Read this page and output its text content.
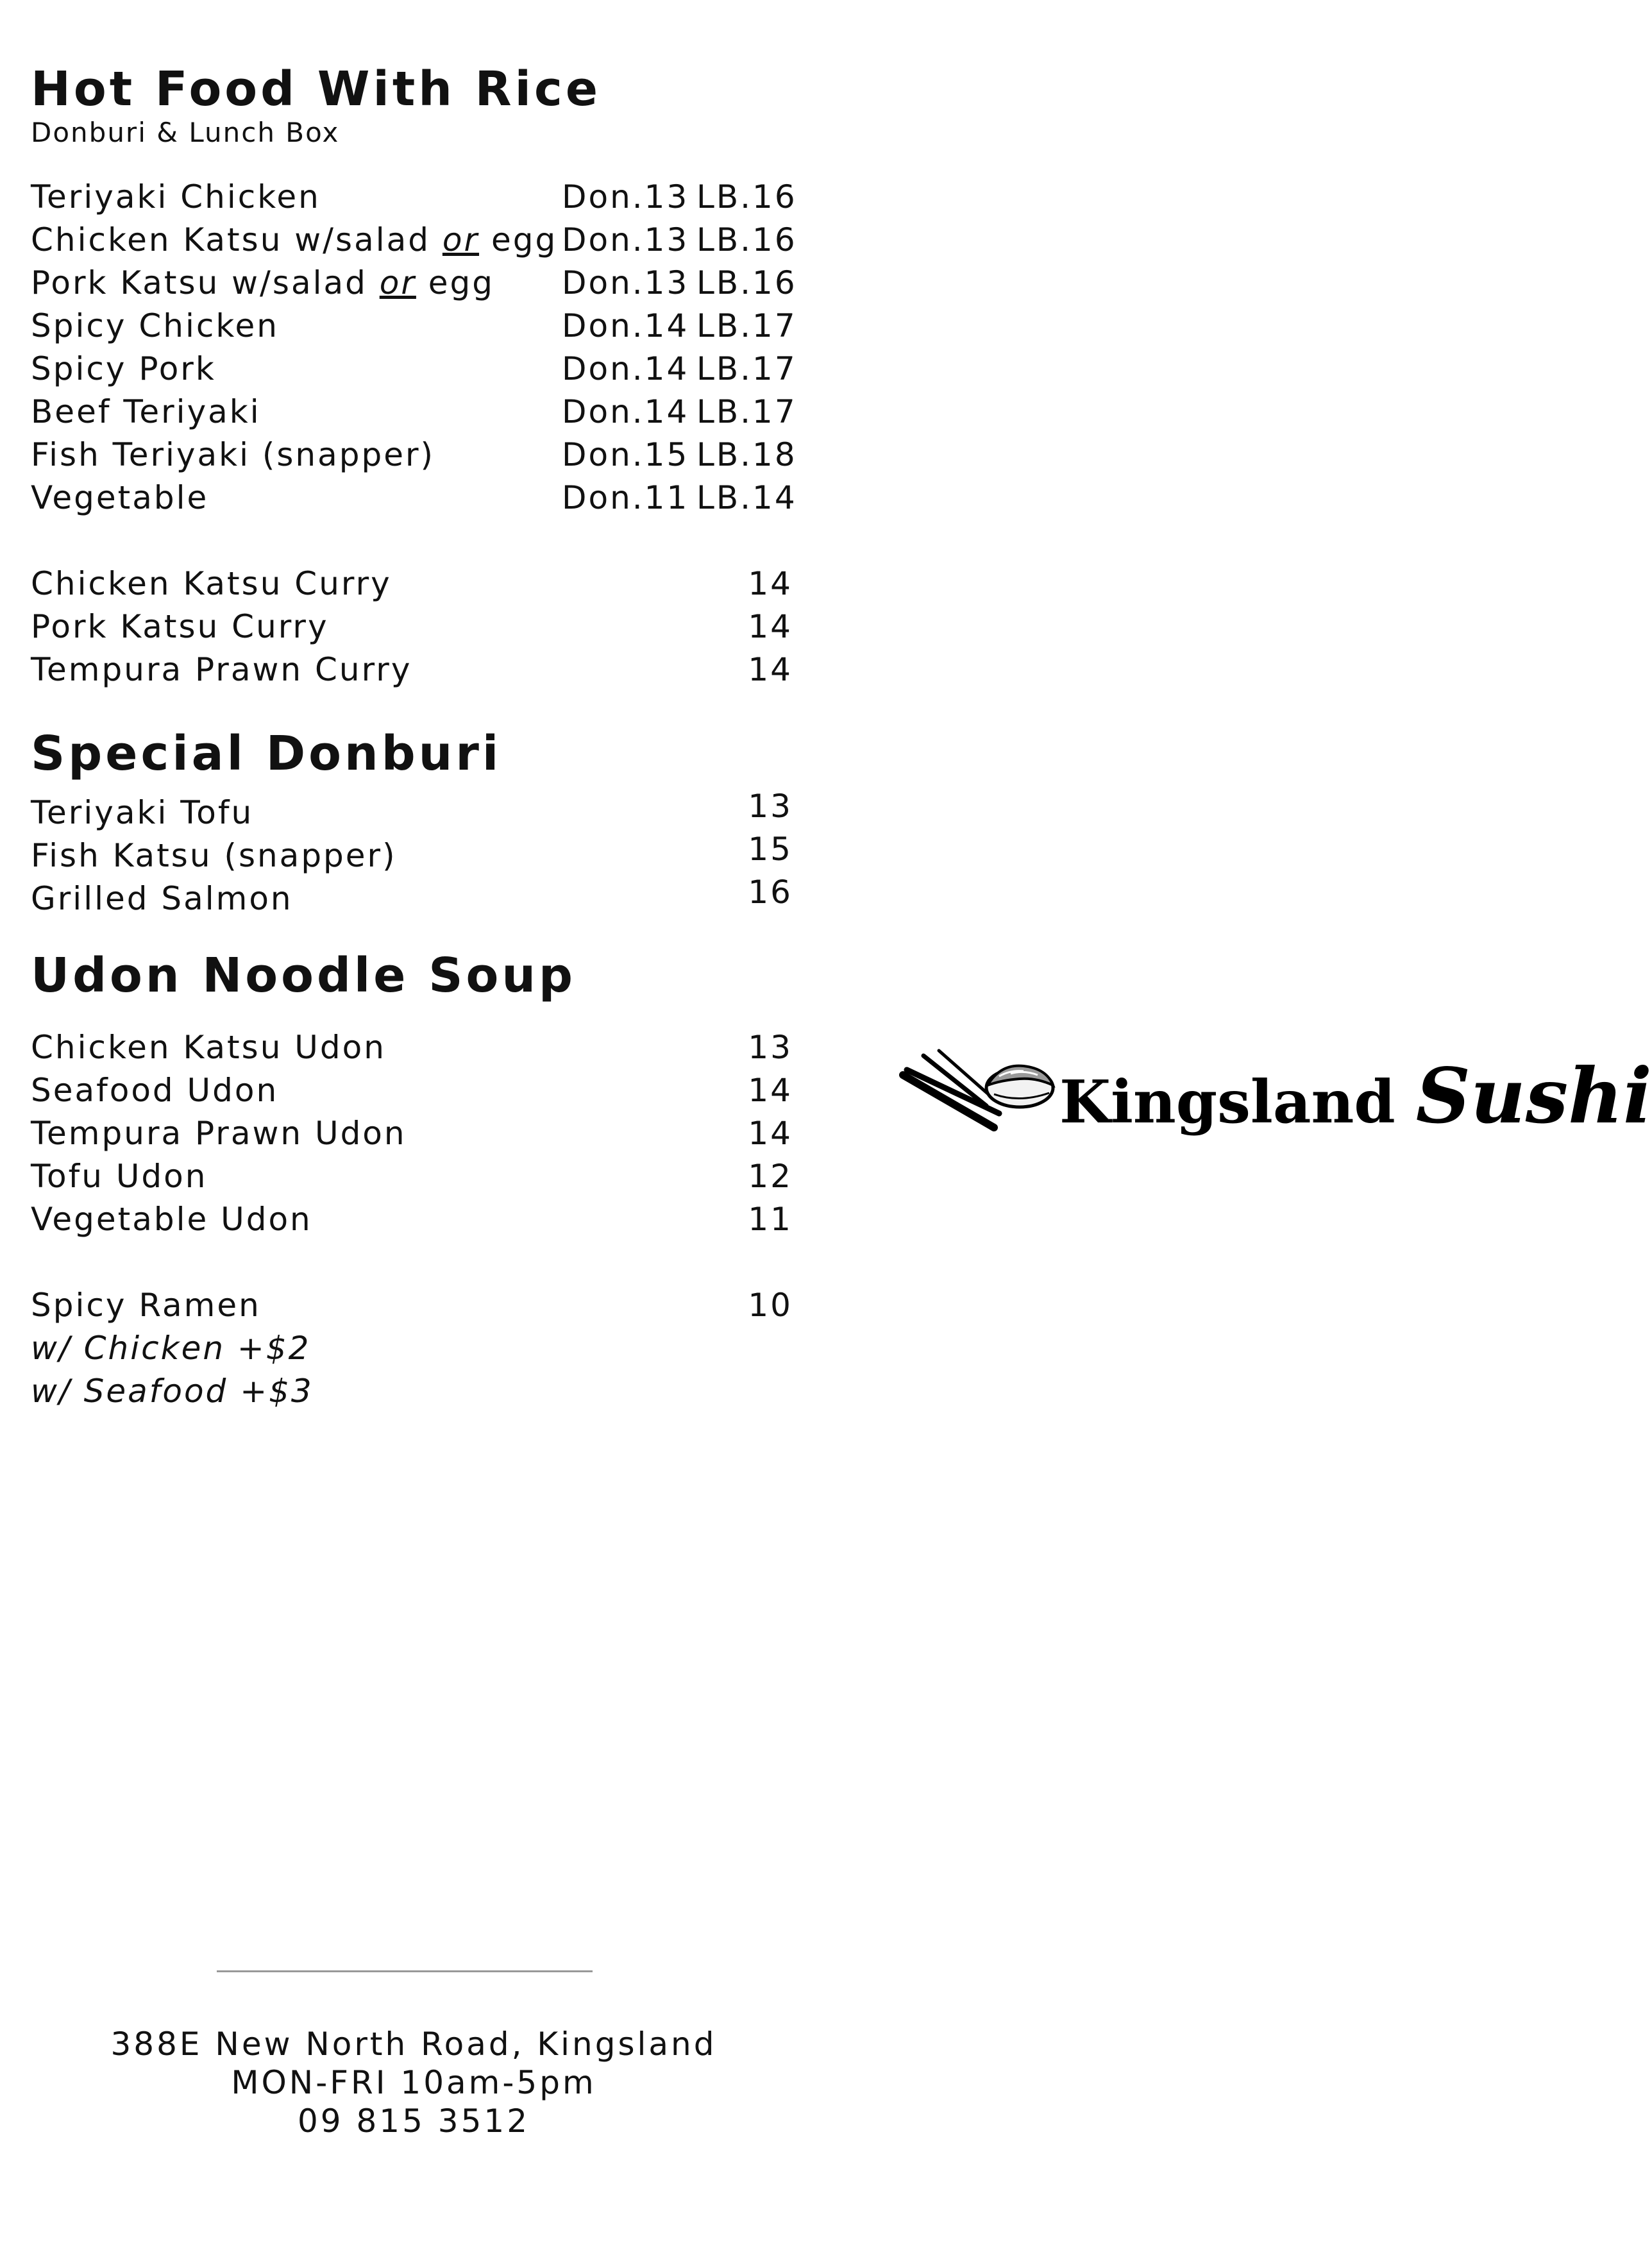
Hot Food With Rice
Donburi & Lunch Box
Teriyaki Chicken	Don.13 LB.16
Chicken Katsu w/salad or egg Don.13 LB.16
Pork Katsu w/salad or egg Don.13 LB.16
Spicy Chicken	Don.14 LB.17
Spicy Pork	Don.14 LB.17
Beef Teriyaki	Don.14 LB.17
Fish Teriyaki (snapper)	Don.15 LB.18
Vegetable	Don.11 LB.14
Chicken Katsu Curry	14
Pork Katsu Curry	14
Tempura Prawn Curry	14
Special Donburi
Teriyaki Tofu	13
Fish Katsu (snapper)	15
Grilled Salmon	16
Udon Noodle Soup
Chicken Katsu Udon	13
Seafood Udon	14
Tempura Prawn Udon	14
Tofu Udon	12
Vegetable Udon	11
Spicy Ramen	10
w/ Chicken +$2
w/ Seafood +$3
Kingsland Sushi
388E New North Road, Kingsland
MON-FRI 10am-5pm
09 815 3512
